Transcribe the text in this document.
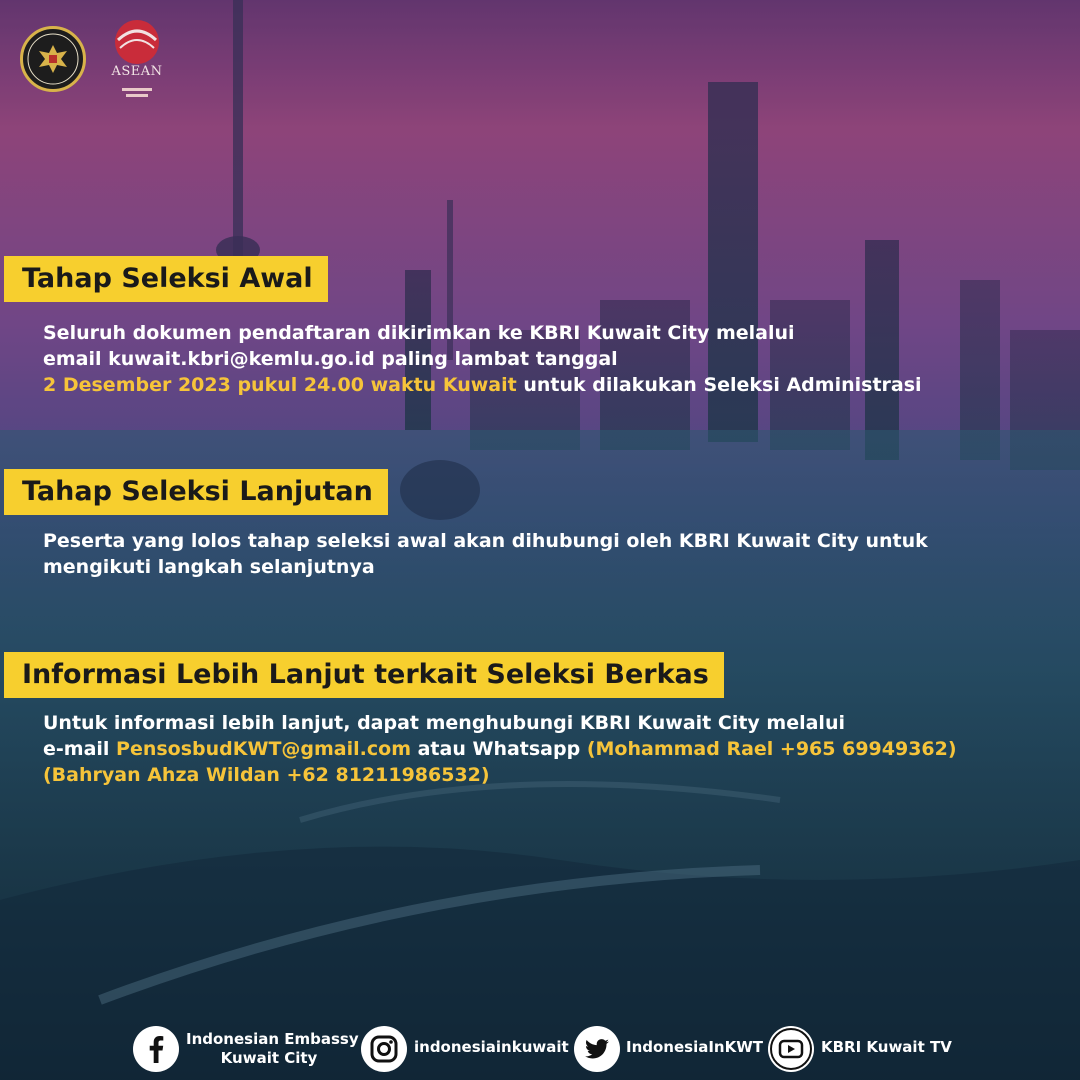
ASEAN
Tahap Seleksi Awal
Seluruh dokumen pendaftaran dikirimkan ke KBRI Kuwait City melalui
email kuwait.kbri@kemlu.go.id paling lambat tanggal
2 Desember 2023 pukul 24.00 waktu Kuwait untuk dilakukan Seleksi Administrasi
Tahap Seleksi Lanjutan
Peserta yang lolos tahap seleksi awal akan dihubungi oleh KBRI Kuwait City untuk
mengikuti langkah selanjutnya
Informasi Lebih Lanjut terkait Seleksi Berkas
Untuk informasi lebih lanjut, dapat menghubungi KBRI Kuwait City melalui
e-mail PensosbudKWT@gmail.com atau Whatsapp (Mohammad Rael +965 69949362)
(Bahryan Ahza Wildan +62 81211986532)
Indonesian Embassy
Kuwait City
indonesiainkuwait	IndonesiaInKWT	KBRI Kuwait TV
